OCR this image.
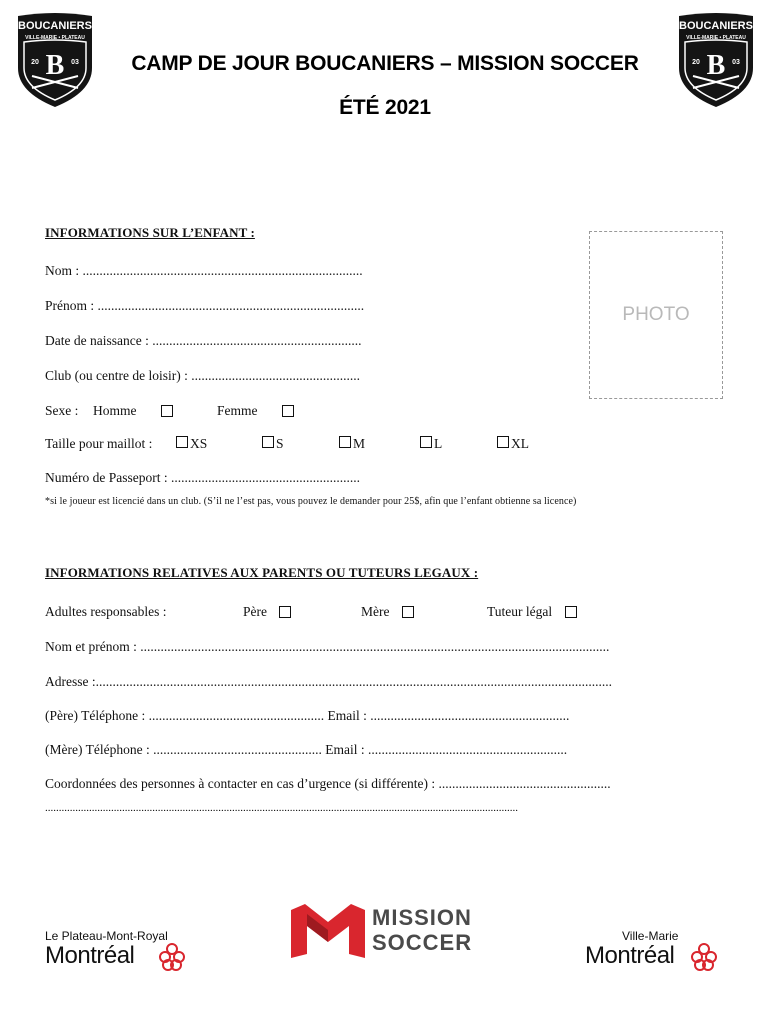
BOUCANIERS
VILLE-MARIE • PLATEAU
20	03
B
BOUCANIERS
VILLE-MARIE • PLATEAU
20	03
B
CAMP DE JOUR BOUCANIERS – MISSION SOCCER
ÉTÉ 2021
INFORMATIONS SUR L’ENFANT :
PHOTO
Nom : ...................................................................................
Prénom : ...............................................................................
Date de naissance : ..............................................................
Club (ou centre de loisir) : ..................................................
Sexe : Homme	Femme
Taille pour maillot :	XS	S	M	L	XL
Numéro de Passeport : ........................................................
*si le joueur est licencié dans un club. (S’il ne l’est pas, vous pouvez le demander pour 25$, afin que l’enfant obtienne sa licence)
INFORMATIONS RELATIVES AUX PARENTS OU TUTEURS LEGAUX :
Adultes responsables :	Père	Mère	Tuteur légal
Nom et prénom : ...........................................................................................................................................
Adresse :.........................................................................................................................................................
(Père) Téléphone : .................................................... Email : ...........................................................
(Mère) Téléphone : .................................................. Email : ...........................................................
Coordonnées des personnes à contacter en cas d’urgence (si différente) : ...................................................
............................................................................................................................................................................
Le Plateau-Mont-Royal
Montréal
MISSION
SOCCER	Ville-Marie
Montréal
